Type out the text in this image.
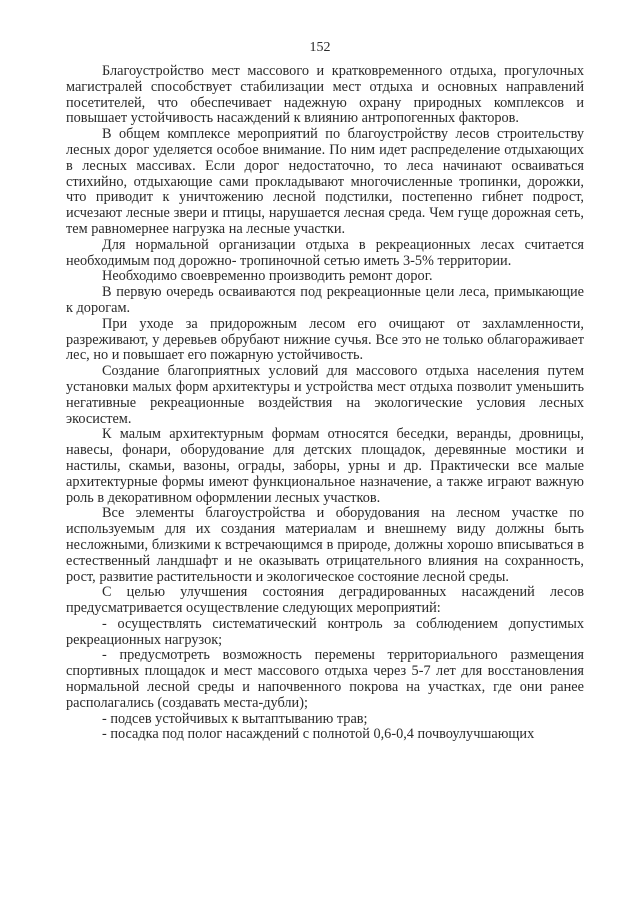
152

Благоустройство мест массового и кратковременного отдыха, прогулочных магистралей способствует стабилизации мест отдыха и основных направлений посетителей, что обеспечивает надежную охрану природных комплексов и повышает устойчивость насаждений к влиянию антропогенных факторов.

В общем комплексе мероприятий по благоустройству лесов строительству лесных дорог уделяется особое внимание. По ним идет распределение отдыхающих в лесных массивах. Если дорог недостаточно, то леса начинают осваиваться стихийно, отдыхающие сами прокладывают многочисленные тропинки, дорожки, что приводит к уничтожению лесной подстилки, постепенно гибнет подрост, исчезают лесные звери и птицы, нарушается лесная среда. Чем гуще дорожная сеть, тем равномернее нагрузка на лесные участки.

Для нормальной организации отдыха в рекреационных лесах считается необходимым под дорожно- тропиночной сетью иметь 3-5% территории.

Необходимо своевременно производить ремонт дорог.

В первую очередь осваиваются под рекреационные цели леса, примыкающие к дорогам.

При уходе за придорожным лесом его очищают от захламленности, разреживают, у деревьев обрубают нижние сучья. Все это не только облагораживает лес, но и повышает его пожарную устойчивость.

Создание благоприятных условий для массового отдыха населения путем установки малых форм архитектуры и устройства мест отдыха позволит уменьшить негативные рекреационные воздействия на экологические условия лесных экосистем.

К малым архитектурным формам относятся беседки, веранды, дровницы, навесы, фонари, оборудование для детских площадок, деревянные мостики и настилы, скамьи, вазоны, ограды, заборы, урны и др. Практически все малые архитектурные формы имеют функциональное назначение, а также играют важную роль в декоративном оформлении лесных участков.

Все элементы благоустройства и оборудования на лесном участке по используемым для их создания материалам и внешнему виду должны быть несложными, близкими к встречающимся в природе, должны хорошо вписываться в естественный ландшафт и не оказывать отрицательного влияния на сохранность, рост, развитие растительности и экологическое состояние лесной среды.

С целью улучшения состояния деградированных насаждений лесов предусматривается осуществление следующих мероприятий:

- осуществлять систематический контроль за соблюдением допустимых рекреационных нагрузок;

- предусмотреть возможность перемены территориального размещения спортивных площадок и мест массового отдыха через 5-7 лет для восстановления нормальной лесной среды и напочвенного покрова на участках, где они ранее располагались (создавать места-дубли);

- подсев устойчивых к вытаптыванию трав;

- посадка под полог насаждений с полнотой 0,6-0,4 почвоулучшающих
